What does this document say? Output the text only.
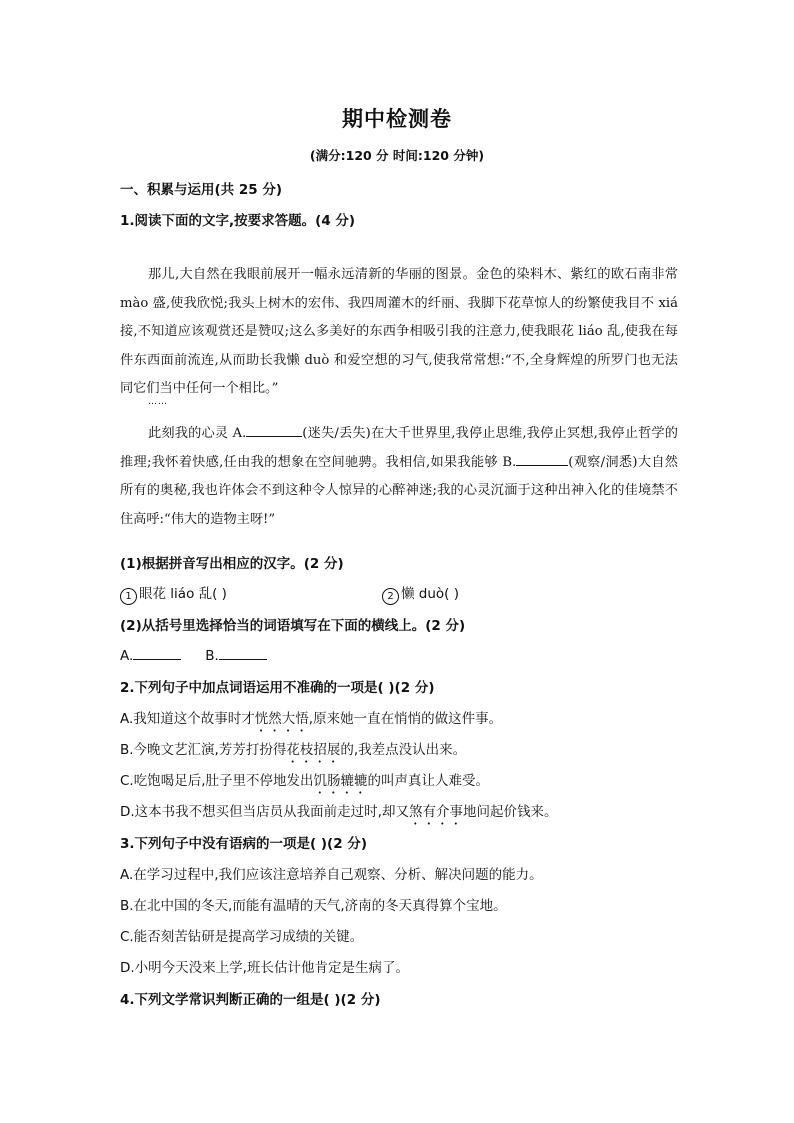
期中检测卷
(满分:120 分 时间:120 分钟)
一、积累与运用(共 25 分)
1.阅读下面的文字,按要求答题。(4 分)
那儿,大自然在我眼前展开一幅永远清新的华丽的图景。金色的染料木、紫红的欧石南非常 mào 盛,使我欣悦;我头上树木的宏伟、我四周灌木的纤丽、我脚下花草惊人的纷繁使我目不 xiá 接,不知道应该观赏还是赞叹;这么多美好的东西争相吸引我的注意力,使我眼花 liáo 乱,使我在每件东西面前流连,从而助长我懒 duò 和爱空想的习气,使我常常想:“不,全身辉煌的所罗门也无法同它们当中任何一个相比。”
……
此刻我的心灵 A.	(迷失/丢失)在大千世界里,我停止思维,我停止冥想,我停止哲学的推理;我怀着快感,任由我的想象在空间驰骋。我相信,如果我能够 B.	(观察/洞悉)大自然所有的奥秘,我也许体会不到这种令人惊异的心醉神迷;我的心灵沉湎于这种出神入化的佳境禁不住高呼:“伟大的造物主呀!”
(1)根据拼音写出相应的汉字。(2 分)
1 眼花 liáo 乱( )	2 懒 duò( )
(2)从括号里选择恰当的词语填写在下面的横线上。(2 分)
A.	B.
2.下列句子中加点词语运用不准确的一项是( )(2 分)
A.我知道这个故事时才恍然大悟,原来她一直在悄悄的做这件事。
B.今晚文艺汇演,芳芳打扮得花枝招展的,我差点没认出来。
C.吃饱喝足后,肚子里不停地发出饥肠辘辘的叫声真让人难受。
D.这本书我不想买但当店员从我面前走过时,却又煞有介事地问起价钱来。
3.下列句子中没有语病的一项是( )(2 分)
A.在学习过程中,我们应该注意培养自己观察、分析、解决问题的能力。
B.在北中国的冬天,而能有温晴的天气,济南的冬天真得算个宝地。
C.能否刻苦钻研是提高学习成绩的关键。
D.小明今天没来上学,班长估计他肯定是生病了。
4.下列文学常识判断正确的一组是( )(2 分)
